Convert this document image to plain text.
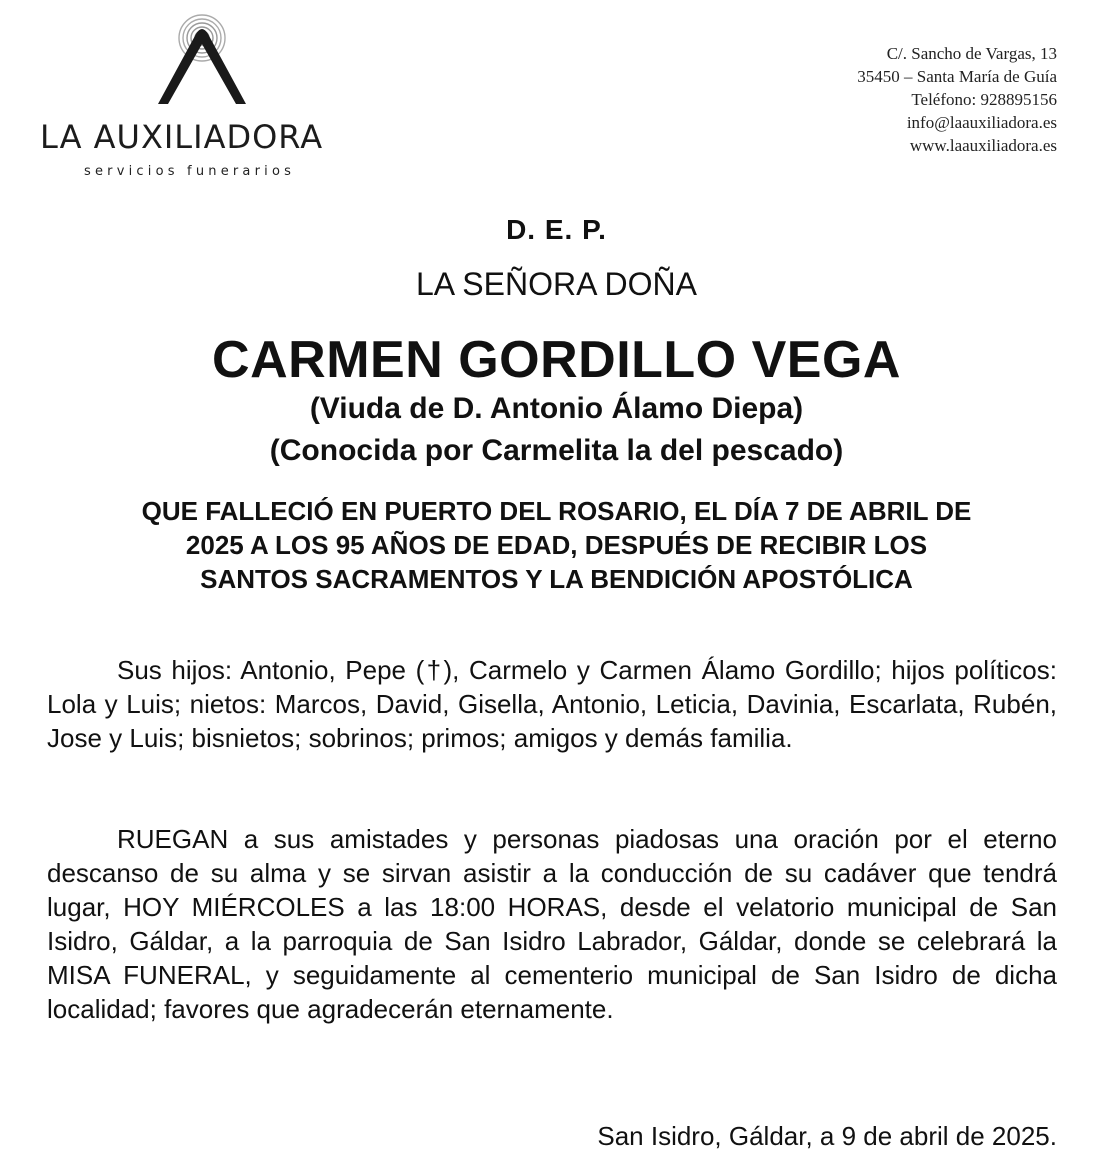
LA AUXILIADORA
servicios funerarios
C/. Sancho de Vargas, 13
35450 – Santa María de Guía
Teléfono: 928895156
info@laauxiliadora.es
www.laauxiliadora.es
D. E. P.
LA SEÑORA DOÑA
CARMEN GORDILLO VEGA
(Viuda de D. Antonio Álamo Diepa)
(Conocida por Carmelita la del pescado)
QUE FALLECIÓ EN PUERTO DEL ROSARIO, EL DÍA 7 DE ABRIL DE
2025 A LOS 95 AÑOS DE EDAD, DESPUÉS DE RECIBIR LOS
SANTOS SACRAMENTOS Y LA BENDICIÓN APOSTÓLICA
Sus hijos: Antonio, Pepe (†), Carmelo y Carmen Álamo Gordillo; hijos políticos: Lola y Luis; nietos: Marcos, David, Gisella, Antonio, Leticia, Davinia, Escarlata, Rubén, Jose y Luis; bisnietos; sobrinos; primos; amigos y demás familia.
RUEGAN a sus amistades y personas piadosas una oración por el eterno descanso de su alma y se sirvan asistir a la conducción de su cadáver que tendrá lugar, HOY MIÉRCOLES a las 18:00 HORAS, desde el velatorio municipal de San Isidro, Gáldar, a la parroquia de San Isidro Labrador, Gáldar, donde se celebrará la MISA FUNERAL, y seguidamente al cementerio municipal de San Isidro de dicha localidad; favores que agradecerán eternamente.
San Isidro, Gáldar, a 9 de abril de 2025.
